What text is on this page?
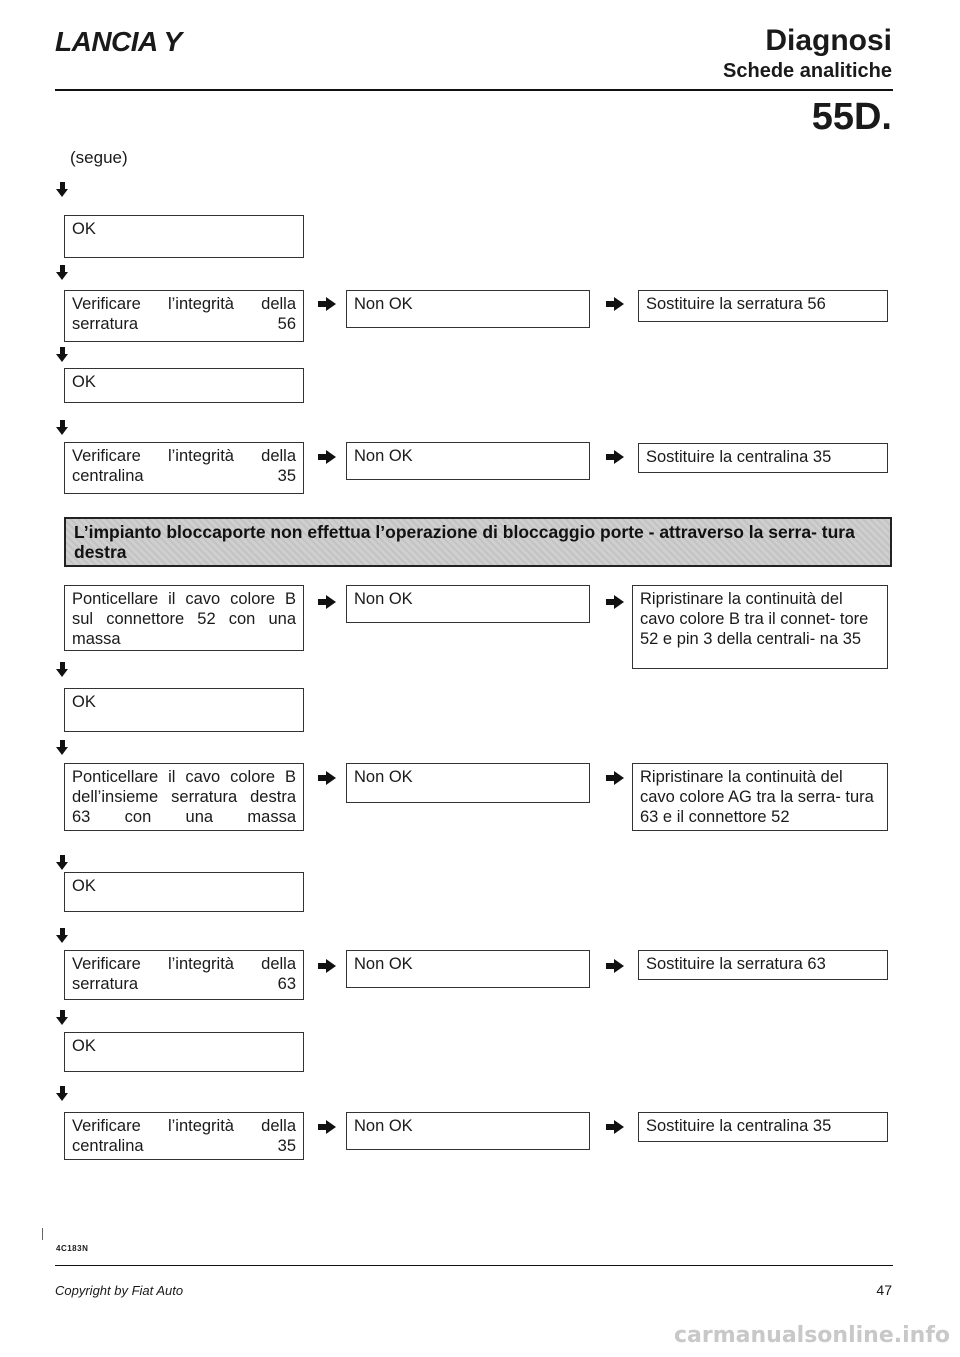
LANCIA Y	Diagnosi
Schede analitiche
55D.
(segue)
OK
Verificare l’integrità della serratura 56
Non OK	Sostituire la serratura 56
OK
Verificare l’integrità della centralina 35
Non OK	Sostituire la centralina 35
L’impianto bloccaporte non effettua l’operazione di bloccaggio porte - attraverso la serra- tura destra
Ponticellare il cavo colore B sul connettore 52 con una massa
Non OK	Ripristinare la continuità del cavo colore B tra il connet- tore 52 e pin 3 della centrali- na 35
OK
Ponticellare il cavo colore B dell’insieme serratura destra 63 con una massa
Non OK	Ripristinare la continuità del cavo colore AG tra la serra- tura 63 e il connettore 52
OK
Verificare l’integrità della serratura 63
Non OK	Sostituire la serratura 63
OK
Verificare l’integrità della centralina 35
Non OK	Sostituire la centralina 35
4C183N
Copyright by Fiat Auto	47
carmanualsonline.info
